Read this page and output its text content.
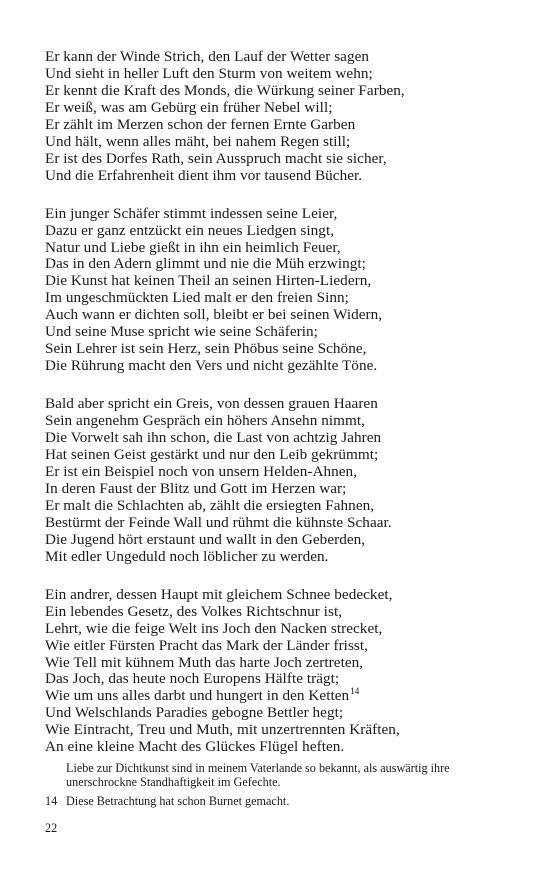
Er kann der Winde Strich, den Lauf der Wetter sagen
Und sieht in heller Luft den Sturm von weitem wehn;
Er kennt die Kraft des Monds, die Würkung seiner Farben,
Er weiß, was am Gebürg ein früher Nebel will;
Er zählt im Merzen schon der fernen Ernte Garben
Und hält, wenn alles mäht, bei nahem Regen still;
Er ist des Dorfes Rath, sein Ausspruch macht sie sicher,
Und die Erfahrenheit dient ihm vor tausend Bücher.
Ein junger Schäfer stimmt indessen seine Leier,
Dazu er ganz entzückt ein neues Liedgen singt,
Natur und Liebe gießt in ihn ein heimlich Feuer,
Das in den Adern glimmt und nie die Müh erzwingt;
Die Kunst hat keinen Theil an seinen Hirten-Liedern,
Im ungeschmückten Lied malt er den freien Sinn;
Auch wann er dichten soll, bleibt er bei seinen Widern,
Und seine Muse spricht wie seine Schäferin;
Sein Lehrer ist sein Herz, sein Phöbus seine Schöne,
Die Rührung macht den Vers und nicht gezählte Töne.
Bald aber spricht ein Greis, von dessen grauen Haaren
Sein angenehm Gespräch ein höhers Ansehn nimmt,
Die Vorwelt sah ihn schon, die Last von achtzig Jahren
Hat seinen Geist gestärkt und nur den Leib gekrümmt;
Er ist ein Beispiel noch von unsern Helden-Ahnen,
In deren Faust der Blitz und Gott im Herzen war;
Er malt die Schlachten ab, zählt die ersiegten Fahnen,
Bestürmt der Feinde Wall und rühmt die kühnste Schaar.
Die Jugend hört erstaunt und wallt in den Geberden,
Mit edler Ungeduld noch löblicher zu werden.
Ein andrer, dessen Haupt mit gleichem Schnee bedecket,
Ein lebendes Gesetz, des Volkes Richtschnur ist,
Lehrt, wie die feige Welt ins Joch den Nacken strecket,
Wie eitler Fürsten Pracht das Mark der Länder frisst,
Wie Tell mit kühnem Muth das harte Joch zertreten,
Das Joch, das heute noch Europens Hälfte trägt;
Wie um uns alles darbt und hungert in den Ketten$^{14}$
Und Welschlands Paradies gebogne Bettler hegt;
Wie Eintracht, Treu und Muth, mit unzertrennten Kräften,
An eine kleine Macht des Glückes Flügel heften.
Liebe zur Dichtkunst sind in meinem Vaterlande so bekannt, als auswärtig ihre unerschrockne Standhaftigkeit im Gefechte.
14 Diese Betrachtung hat schon Burnet gemacht.
22
